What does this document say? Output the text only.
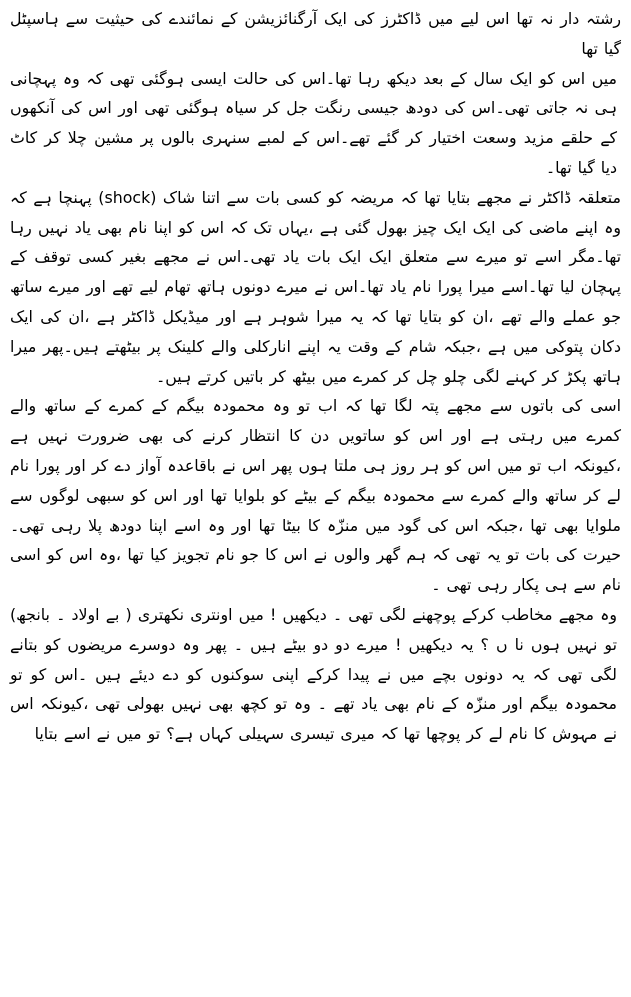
رشتہ دار نہ تھا اس لیے میں ڈاکٹرز کی ایک آرگنائزیشن کے نمائندے کی حیثیت سے ہاسپٹل گیا تھا

میں اس کو ایک سال کے بعد دیکھ رہا تھا۔اس کی حالت ایسی ہوگئی تھی کہ وہ پہچانی ہی نہ جاتی تھی۔اس کی دودھ جیسی رنگت جل کر سیاہ ہوگئی تھی اور اس کی آنکھوں کے حلقے مزید وسعت اختیار کر گئے تھے۔اس کے لمبے سنہری بالوں پر مشین چلا کر کاٹ دیا گیا تھا۔

متعلقہ ڈاکٹر نے مجھے بتایا تھا کہ مریضہ کو کسی بات سے اتنا شاک (shock) پہنچا ہے کہ وہ اپنے ماضی کی ایک ایک چیز بھول گئی ہے ،یہاں تک کہ اس کو اپنا نام بھی یاد نہیں رہا تھا۔مگر اسے تو میرے سے متعلق ایک ایک بات یاد تھی۔اس نے مجھے بغیر کسی توقف کے پہچان لیا تھا۔اسے میرا پورا نام یاد تھا۔اس نے میرے دونوں ہاتھ تھام لیے تھے اور میرے ساتھ جو عملے والے تھے ،ان کو بتایا تھا کہ یہ میرا شوہر ہے اور میڈیکل ڈاکٹر ہے ،ان کی ایک دکان پتوکی میں ہے ،جبکہ شام کے وقت یہ اپنے انارکلی والے کلینک پر بیٹھتے ہیں۔پھر میرا ہاتھ پکڑ کر کہنے لگی چلو چل کر کمرے میں بیٹھ کر باتیں کرتے ہیں۔

اسی کی باتوں سے مجھے پتہ لگا تھا کہ اب تو وہ محمودہ بیگم کے کمرے کے ساتھ والے کمرے میں رہتی ہے اور اس کو ساتویں دن کا انتظار کرنے کی بھی ضرورت نہیں ہے ،کیونکہ اب تو میں اس کو ہر روز ہی ملتا ہوں پھر اس نے باقاعدہ آواز دے کر اور پورا نام لے کر ساتھ والے کمرے سے محمودہ بیگم کے بیٹے کو بلوایا تھا اور اس کو سبھی لوگوں سے ملوایا بھی تھا ،جبکہ اس کی گود میں منزّہ کا بیٹا تھا اور وہ اسے اپنا دودھ پلا رہی تھی۔ حیرت کی بات تو یہ تھی کہ ہم گھر والوں نے اس کا جو نام تجویز کیا تھا ،وہ اس کو اسی نام سے ہی پکار رہی تھی ۔

وہ مجھے مخاطب کرکے پوچھنے لگی تھی ۔ دیکھیں ! میں اونتری نکھتری ( بے اولاد ۔ بانجھ) تو نہیں ہوں نا ں ؟ یہ دیکھیں ! میرے دو دو بیٹے ہیں ۔ پھر وہ دوسرے مریضوں کو بتانے لگی تھی کہ یہ دونوں بچے میں نے پیدا کرکے اپنی سوکنوں کو دے دیئے ہیں ۔اس کو تو محمودہ بیگم اور منزّہ کے نام بھی یاد تھے ۔ وہ تو کچھ بھی نہیں بھولی تھی ،کیونکہ اس نے مہوش کا نام لے کر پوچھا تھا کہ میری تیسری سہیلی کہاں ہے؟ تو میں نے اسے بتایا
